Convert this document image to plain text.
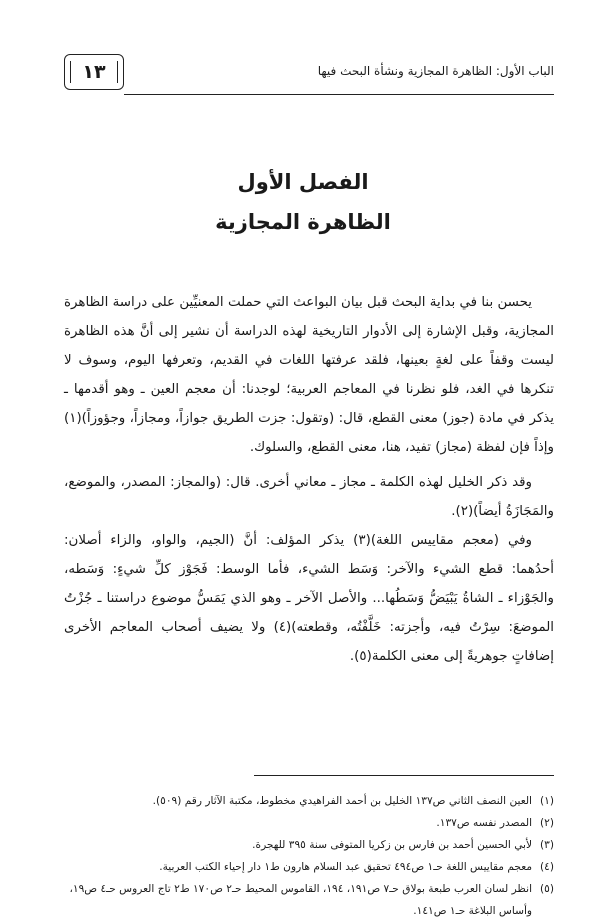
١٣	الباب الأول: الظاهرة المجازية ونشأة البحث فيها
الفصل الأول
الظاهرة المجازية

يحسن بنا في بداية البحث قبل بيان البواعث التي حملت المعنيِّين على دراسة الظاهرة المجازية، وقبل الإشارة إلى الأدوار التاريخية لهذه الدراسة أن نشير إلى أنَّ هذه الظاهرة ليست وقفاً على لغةٍ بعينها، فلقد عرفتها اللغات في القديم، وتعرفها اليوم، وسوف لا تنكرها في الغد، فلو نظرنا في المعاجم العربية؛ لوجدنا: أن معجم العين ـ وهو أقدمها ـ يذكر في مادة (جوز) معنى القطع، قال: (وتقول: جزت الطريق جوازاً، ومجازاً، وجؤوزاً)(١) وإذاً فإن لفظة (مجاز) تفيد، هنا، معنى القطع، والسلوك.

وقد ذكر الخليل لهذه الكلمة ـ مجاز ـ معاني أخرى. قال: (والمجاز: المصدر، والموضع، والمَجَازَةُ أيضاً)(٢).

وفي (معجم مقاييس اللغة)(٣) يذكر المؤلف: أنَّ (الجيم، والواو، والزاء أصلان: أحدُهما: قطع الشيء والآخر: وَسَط الشيء، فأما الوسط: فَجَوْز كلِّ شيءٍ: وَسَطه، والجَوْزاء ـ الشاةُ يَبْيَضُّ وَسَطُها... والأصل الآخر ـ وهو الذي يَمَسُّ موضوع دراستنا ـ جُزْتُ الموضعَ: سِرْتُ فيه، وأجزته: خَلَّفْتُه، وقطعته)(٤) ولا يضيف أصحاب المعاجم الأخرى إضافاتٍ جوهريةً إلى معنى الكلمة(٥).

(١)
العين النصف الثاني ص١٣٧ الخليل بن أحمد الفراهيدي مخطوط، مكتبة الآثار رقم (٥٠٩).
(٢)
المصدر نفسه ص١٣٧.
(٣)
لأبي الحسين أحمد بن فارس بن زكريا المتوفى سنة ٣٩٥ للهجرة.
(٤)
معجم مقاييس اللغة حـ١ ص٤٩٤ تحقيق عبد السلام هارون ط١ دار إحياء الكتب العربية.
(٥)
انظر لسان العرب طبعة بولاق حـ٧ ص١٩١، ١٩٤، القاموس المحيط حـ٢ ص١٧٠ ط٢ تاج العروس حـ٤ ص١٩، وأساس البلاغة حـ١ ص١٤١.
